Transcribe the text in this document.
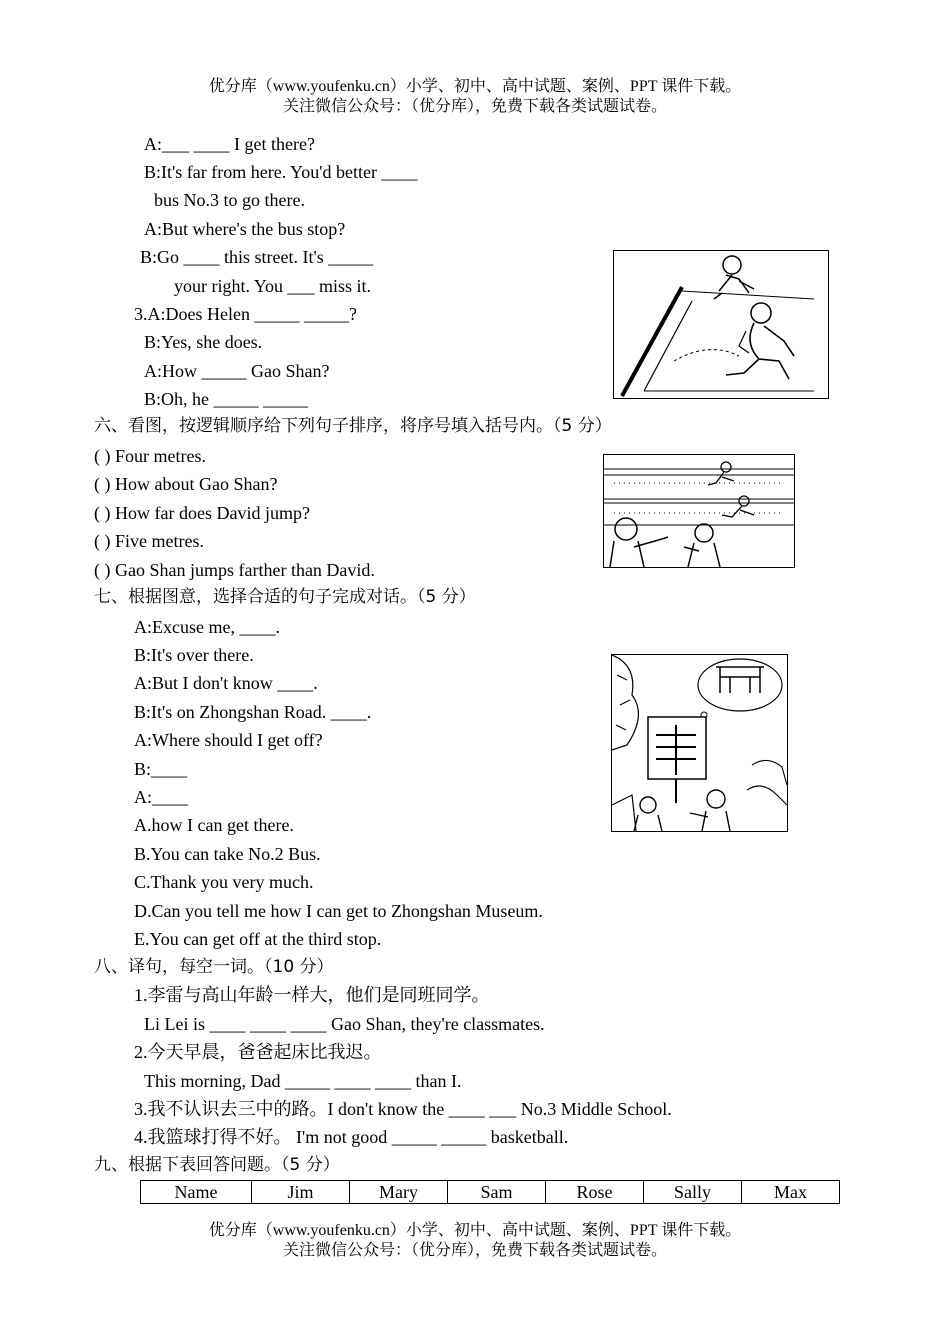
优分库（www.youfenku.cn）小学、初中、高中试题、案例、PPT 课件下载。
关注微信公众号：（优分库），免费下载各类试题试卷。
A:___ ____ I get there?
B:It's far from here. You'd better ____
bus No.3 to go there.
A:But where's the bus stop?
B:Go ____ this street. It's _____
your right. You ___ miss it.
3.A:Does Helen _____ _____?
B:Yes, she does.
A:How _____ Gao Shan?
B:Oh, he _____ _____
六、看图，按逻辑顺序给下列句子排序，将序号填入括号内。（5 分）
( ) Four metres.
( ) How about Gao Shan?
( ) How far does David jump?
( ) Five metres.
( ) Gao Shan jumps farther than David.
七、根据图意，选择合适的句子完成对话。（5 分）
A:Excuse me, ____.
B:It's over there.
A:But I don't know ____.
B:It's on Zhongshan Road. ____.
A:Where should I get off?
B:____
A:____
A.how I can get there.
B.You can take No.2 Bus.
C.Thank you very much.
D.Can you tell me how I can get to Zhongshan Museum.
E.You can get off at the third stop.
八、译句，每空一词。（10 分）
1.李雷与高山年龄一样大，他们是同班同学。
Li Lei is ____ ____ ____ Gao Shan, they're classmates.
2.今天早晨，爸爸起床比我迟。
This morning, Dad _____ ____ ____ than I.
3.我不认识去三中的路。I don't know the ____ ___ No.3 Middle School.
4.我篮球打得不好。 I'm not good _____ _____ basketball.
九、根据下表回答问题。（5 分）
Name	Jim	Mary	Sam	Rose	Sally	Max
优分库（www.youfenku.cn）小学、初中、高中试题、案例、PPT 课件下载。
关注微信公众号：（优分库），免费下载各类试题试卷。
